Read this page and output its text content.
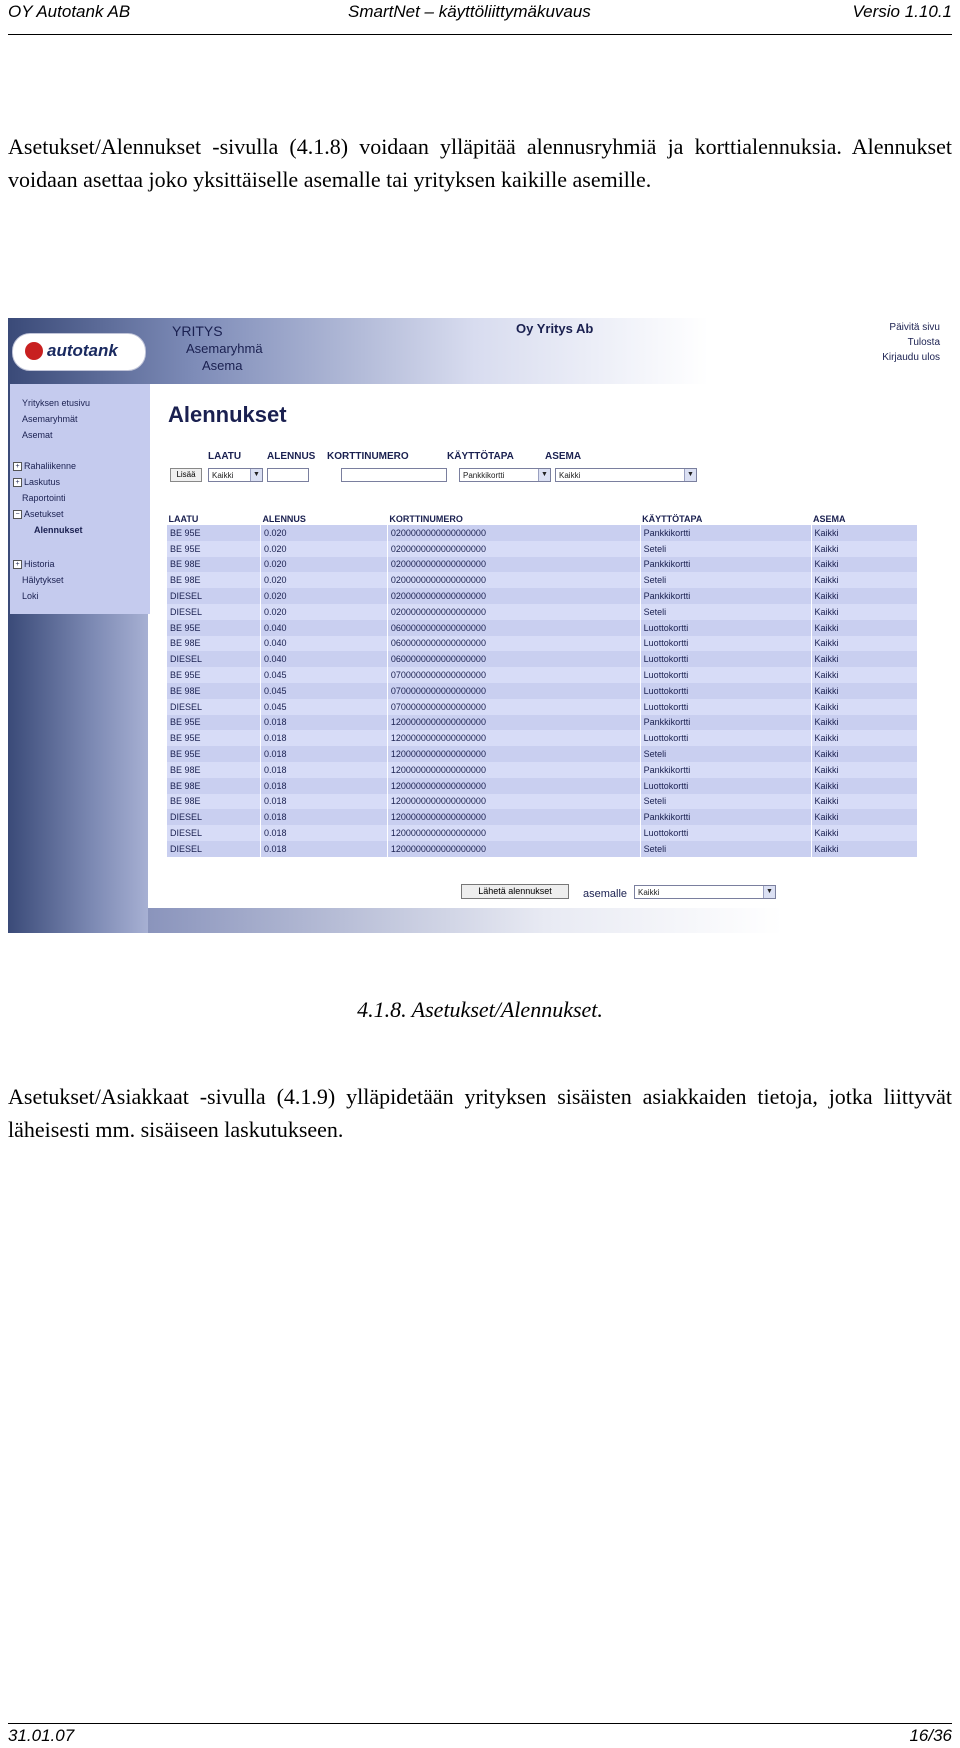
OY Autotank AB	SmartNet – käyttöliittymäkuvaus	Versio 1.10.1
Asetukset/Alennukset -sivulla (4.1.8) voidaan ylläpitää alennusryhmiä ja korttialennuksia. Alennukset voidaan asettaa joko yksittäiselle asemalle tai yrityksen kaikille asemille.
autotank
YRITYS
Asemaryhmä
Asema
Oy Yritys Ab	Päivitä sivu
Tulosta
Kirjaudu ulos
Yrityksen etusivu
Asemaryhmät
Asemat
+ Rahaliikenne
+ Laskutus
Raportointi
− Asetukset
Alennukset
+ Historia
Hälytykset
Loki
Alennukset
LAATU	ALENNUS KORTTINUMERO	KÄYTTÖTAPA	ASEMA
Lisää	Kaikki	▼	Pankkikortti	▼	Kaikki	▼
LAATU	ALENNUS	KORTTINUMERO	KÄYTTÖTAPA	ASEMA
BE 95E	0.020	0200000000000000000	Pankkikortti	Kaikki
BE 95E	0.020	0200000000000000000	Seteli	Kaikki
BE 98E	0.020	0200000000000000000	Pankkikortti	Kaikki
BE 98E	0.020	0200000000000000000	Seteli	Kaikki
DIESEL	0.020	0200000000000000000	Pankkikortti	Kaikki
DIESEL	0.020	0200000000000000000	Seteli	Kaikki
BE 95E	0.040	0600000000000000000	Luottokortti	Kaikki
BE 98E	0.040	0600000000000000000	Luottokortti	Kaikki
DIESEL	0.040	0600000000000000000	Luottokortti	Kaikki
BE 95E	0.045	0700000000000000000	Luottokortti	Kaikki
BE 98E	0.045	0700000000000000000	Luottokortti	Kaikki
DIESEL	0.045	0700000000000000000	Luottokortti	Kaikki
BE 95E	0.018	1200000000000000000	Pankkikortti	Kaikki
BE 95E	0.018	1200000000000000000	Luottokortti	Kaikki
BE 95E	0.018	1200000000000000000	Seteli	Kaikki
BE 98E	0.018	1200000000000000000	Pankkikortti	Kaikki
BE 98E	0.018	1200000000000000000	Luottokortti	Kaikki
BE 98E	0.018	1200000000000000000	Seteli	Kaikki
DIESEL	0.018	1200000000000000000	Pankkikortti	Kaikki
DIESEL	0.018	1200000000000000000	Luottokortti	Kaikki
DIESEL	0.018	1200000000000000000	Seteli	Kaikki
Lähetä alennukset	asemalle	Kaikki	▼
4.1.8. Asetukset/Alennukset.
Asetukset/Asiakkaat -sivulla (4.1.9) ylläpidetään yrityksen sisäisten asiakkaiden tietoja, jotka liittyvät läheisesti mm. sisäiseen laskutukseen.
31.01.07	16/36
